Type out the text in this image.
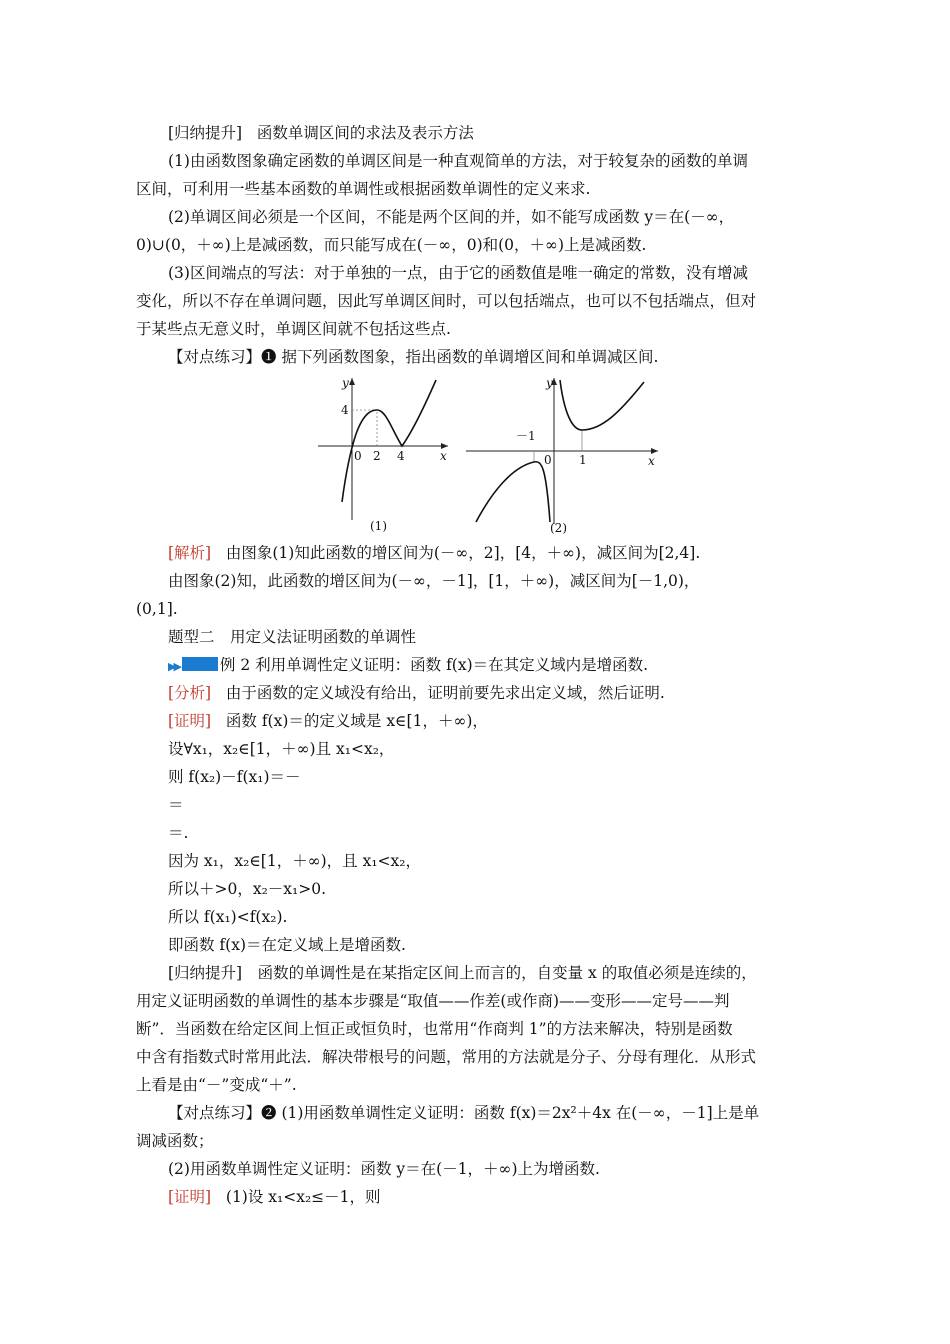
[归纳提升] 函数单调区间的求法及表示方法
(1)由函数图象确定函数的单调区间是一种直观简单的方法，对于较复杂的函数的单调
区间，可利用一些基本函数的单调性或根据函数单调性的定义来求.
(2)单调区间必须是一个区间，不能是两个区间的并，如不能写成函数 y＝在(－∞，
0)∪(0，＋∞)上是减函数，而只能写成在(－∞，0)和(0，＋∞)上是减函数.
(3)区间端点的写法：对于单独的一点，由于它的函数值是唯一确定的常数，没有增减
变化，所以不存在单调问题，因此写单调区间时，可以包括端点，也可以不包括端点，但对
于某些点无意义时，单调区间就不包括这些点.
【对点练习】❶ 据下列函数图象，指出函数的单调增区间和单调减区间.
y
x
4
0 2 4
(1)
y
x
－1
0 1
(2)
[解析] 由图象(1)知此函数的增区间为(－∞，2]，[4，＋∞)，减区间为[2,4].
由图象(2)知，此函数的增区间为(－∞，－1]，[1，＋∞)，减区间为[－1,0)，
(0,1].
题型二　用定义法证明函数的单调性
▶▶	例 2 利用单调性定义证明：函数 f(x)＝在其定义域内是增函数.
[分析] 由于函数的定义域没有给出，证明前要先求出定义域，然后证明.
[证明] 函数 f(x)＝的定义域是 x∈[1，＋∞)，
设∀x₁，x₂∈[1，＋∞)且 x₁<x₂，
则 f(x₂)－f(x₁)＝－
＝
＝.
因为 x₁，x₂∈[1，＋∞)，且 x₁<x₂，
所以＋>0，x₂－x₁>0.
所以 f(x₁)<f(x₂).
即函数 f(x)＝在定义域上是增函数.
[归纳提升]　函数的单调性是在某指定区间上而言的，自变量 x 的取值必须是连续的，
用定义证明函数的单调性的基本步骤是“取值——作差(或作商)——变形——定号——判
断”．当函数在给定区间上恒正或恒负时，也常用“作商判 1”的方法来解决，特别是函数
中含有指数式时常用此法．解决带根号的问题，常用的方法就是分子、分母有理化．从形式
上看是由“－”变成“＋”.
【对点练习】❷ (1)用函数单调性定义证明：函数 f(x)＝2x²＋4x 在(－∞，－1]上是单
调减函数；
(2)用函数单调性定义证明：函数 y＝在(－1，＋∞)上为增函数.
[证明] (1)设 x₁<x₂≤－1，则
